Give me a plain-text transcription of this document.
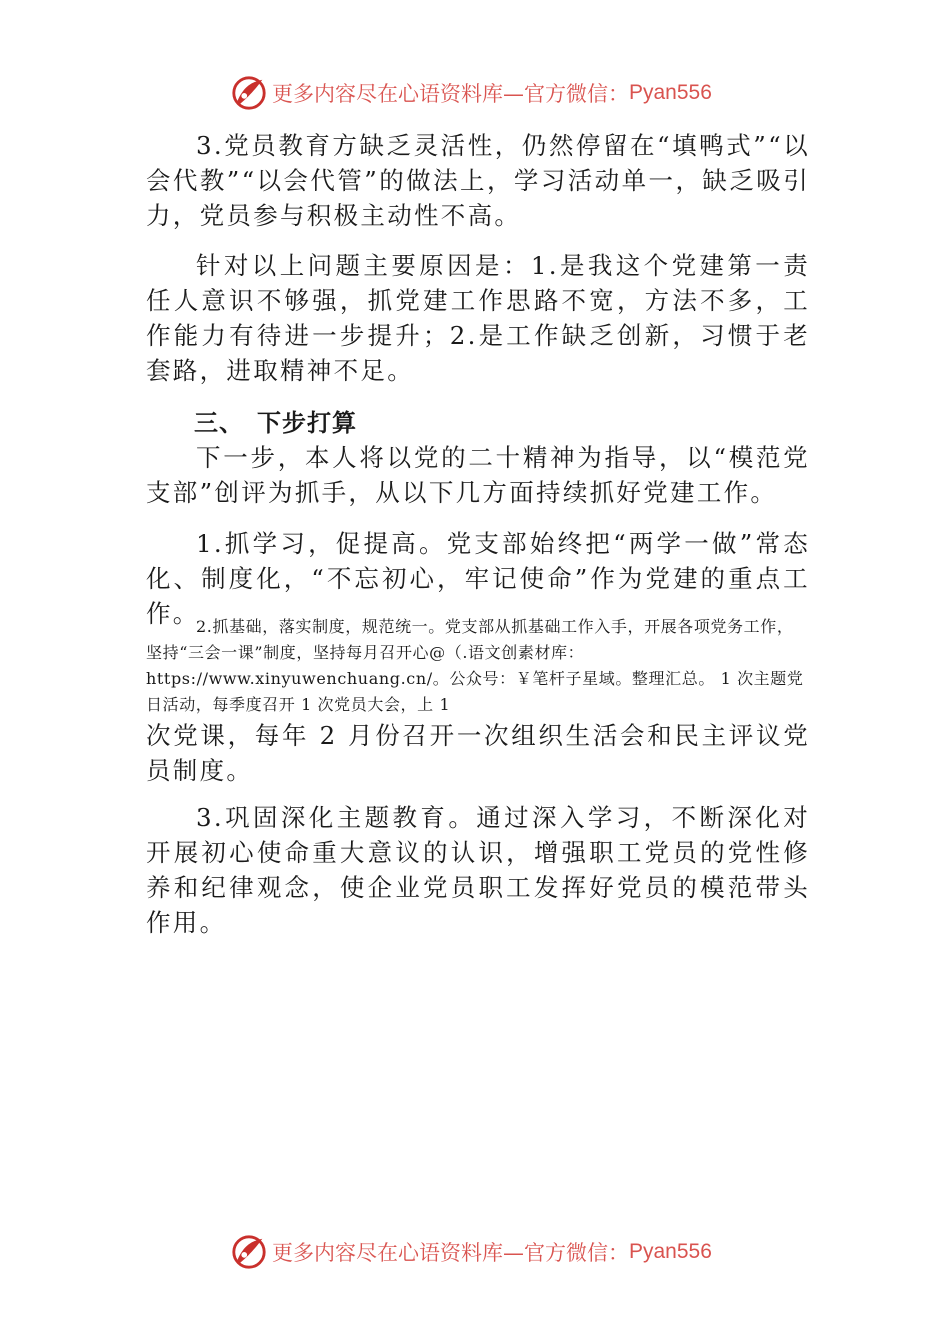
更多内容尽在心语资料库—官方微信： Pyan556

3.党员教育方缺乏灵活性，仍然停留在“填鸭式”“以会代教”“以会代管”的做法上，学习活动单一，缺乏吸引力，党员参与积极主动性不高。

针对以上问题主要原因是：1.是我这个党建第一责任人意识不够强，抓党建工作思路不宽，方法不多，工作能力有待进一步提升；2.是工作缺乏创新，习惯于老套路，进取精神不足。

三、　下步打算

下一步，本人将以党的二十精神为指导，以“模范党支部”创评为抓手，从以下几方面持续抓好党建工作。

1.抓学习，促提高。党支部始终把“两学一做”常态化、制度化，“不忘初心，牢记使命”作为党建的重点工作。

2.抓基础，落实制度，规范统一。党支部从抓基础工作入手，开展各项党务工作，坚持“三会一课”制度，坚持每月召开心@（.语文创素材库：https://www.xinyuwenchuang.cn/。公众号：￥笔杆子星域。整理汇总。 1 次主题党日活动，每季度召开 1 次党员大会，上 1

次党课，每年 2 月份召开一次组织生活会和民主评议党员制度。

3.巩固深化主题教育。通过深入学习，不断深化对开展初心使命重大意议的认识，增强职工党员的党性修养和纪律观念，使企业党员职工发挥好党员的模范带头作用。

更多内容尽在心语资料库—官方微信： Pyan556
